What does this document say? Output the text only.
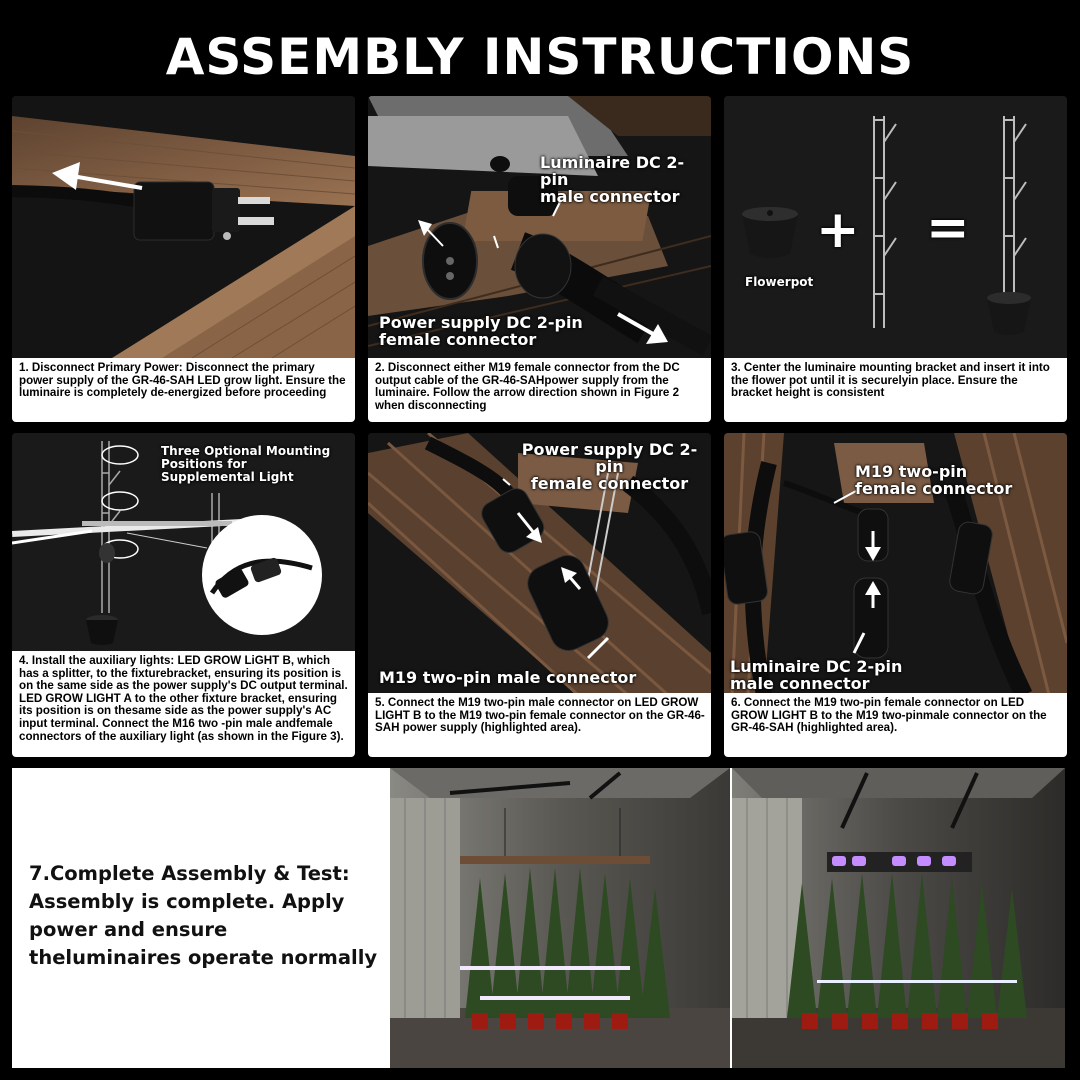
ASSEMBLY INSTRUCTIONS
1. Disconnect Primary Power: Disconnect the primary power supply of the GR-46-SAH LED grow light. Ensure the luminaire is completely de-energized before proceeding
Luminaire DC 2-pin
male connector
Power supply DC 2-pin
female connector
2. Disconnect either M19 female connector from the DC output cable of the GR-46-SAHpower supply from the luminaire. Follow the arrow direction shown in Figure 2 when disconnecting
+ =
Flowerpot
3. Center the luminaire mounting bracket and insert it into the flower pot until it is securelyin place. Ensure the bracket height is consistent
Three Optional Mounting
Positions for
Supplemental Light
4. Install the auxiliary lights: LED GROW LiGHT B, which has a splitter, to the fixturebracket, ensuring its position is on the same side as the power supply's DC output terminal. LED GROW LIGHT A to the other fixture bracket, ensuring its position is on thesame side as the power supply's AC input terminal. Connect the M16 two -pin male andfemale connectors of the auxiliary light (as shown in the Figure 3).
Power supply DC 2-pin
female connector
M19 two-pin male connector
5. Connect the M19 two-pin male connector on LED GROW LIGHT B to the M19 two-pin female connector on the GR-46-SAH power supply (highlighted area).
M19 two-pin
female connector
Luminaire DC 2-pin
male connector
6. Connect the M19 two-pin female connector on LED GROW LIGHT B to the M19 two-pinmale connector on the GR-46-SAH (highlighted area).
7.Complete Assembly & Test:
Assembly is complete. Apply power and ensure theluminaires operate normally
